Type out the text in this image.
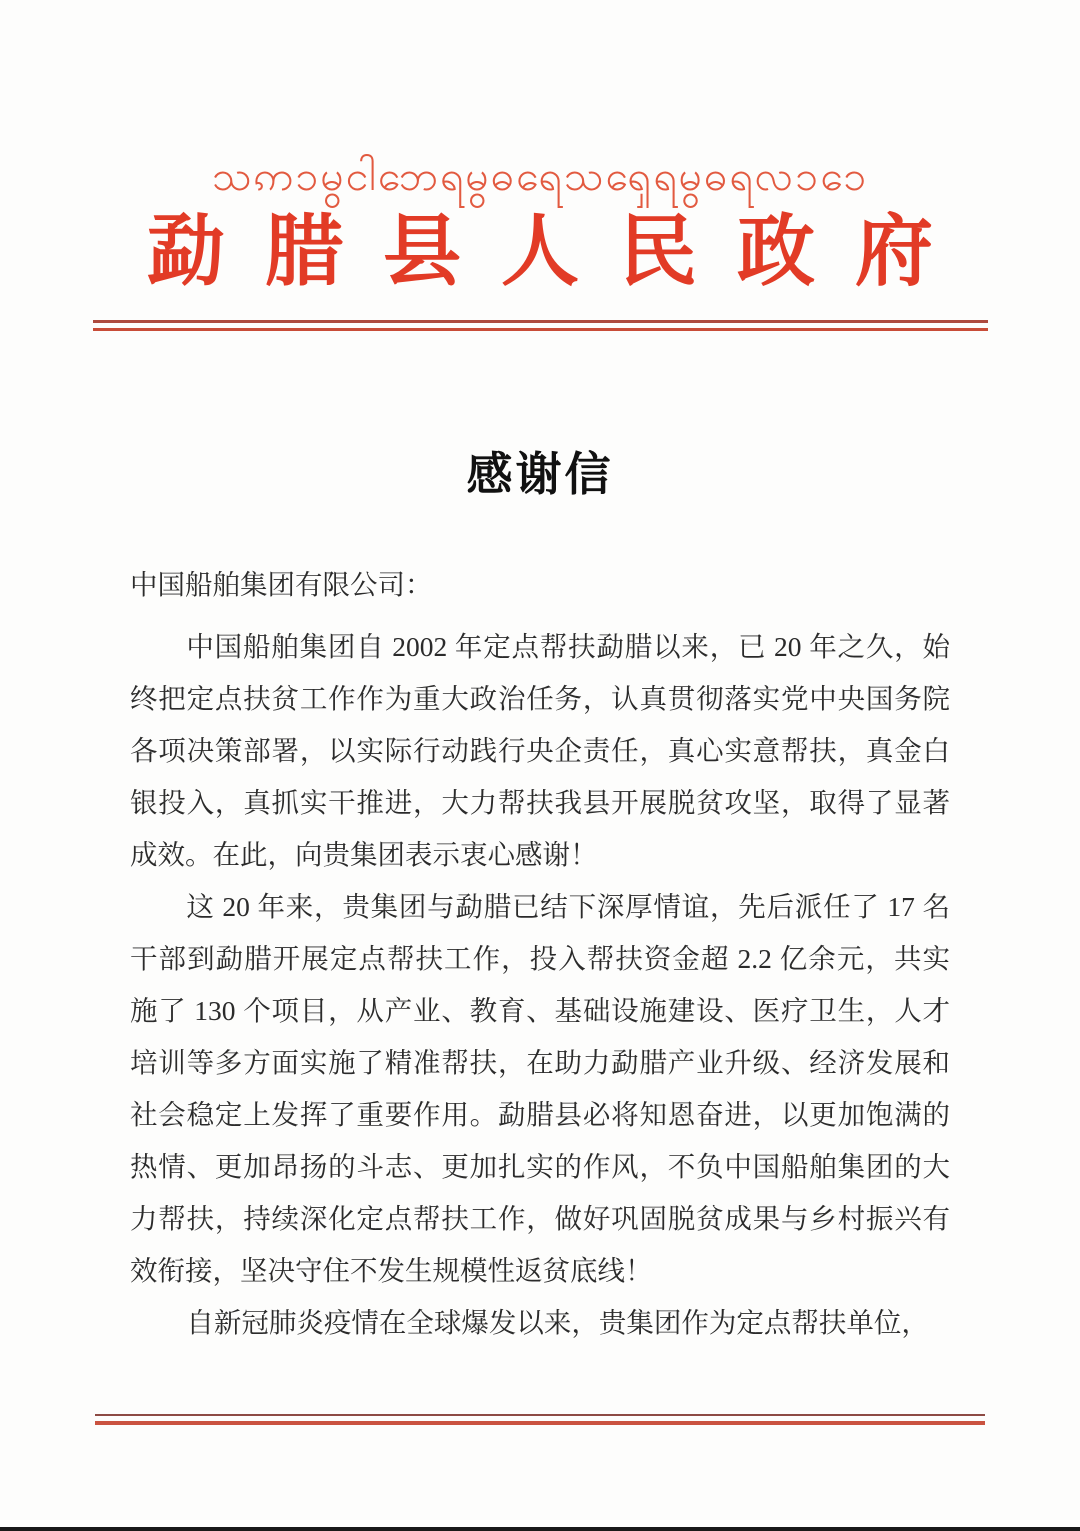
သဢၥမွငါဘေရမွဓရေသၡေရမွဓရလၥ၁ေ
勐腊县人民政府
感谢信
中国船舶集团有限公司：
中国船舶集团自 2002 年定点帮扶勐腊以来，已 20 年之久，始
终把定点扶贫工作作为重大政治任务，认真贯彻落实党中央国务院
各项决策部署，以实际行动践行央企责任，真心实意帮扶，真金白
银投入，真抓实干推进，大力帮扶我县开展脱贫攻坚，取得了显著
成效。在此，向贵集团表示衷心感谢！
这 20 年来，贵集团与勐腊已结下深厚情谊，先后派任了 17 名
干部到勐腊开展定点帮扶工作，投入帮扶资金超 2.2 亿余元，共实
施了 130 个项目，从产业、教育、基础设施建设、医疗卫生，人才
培训等多方面实施了精准帮扶，在助力勐腊产业升级、经济发展和
社会稳定上发挥了重要作用。勐腊县必将知恩奋进，以更加饱满的
热情、更加昂扬的斗志、更加扎实的作风，不负中国船舶集团的大
力帮扶，持续深化定点帮扶工作，做好巩固脱贫成果与乡村振兴有
效衔接，坚决守住不发生规模性返贫底线！
自新冠肺炎疫情在全球爆发以来，贵集团作为定点帮扶单位，
